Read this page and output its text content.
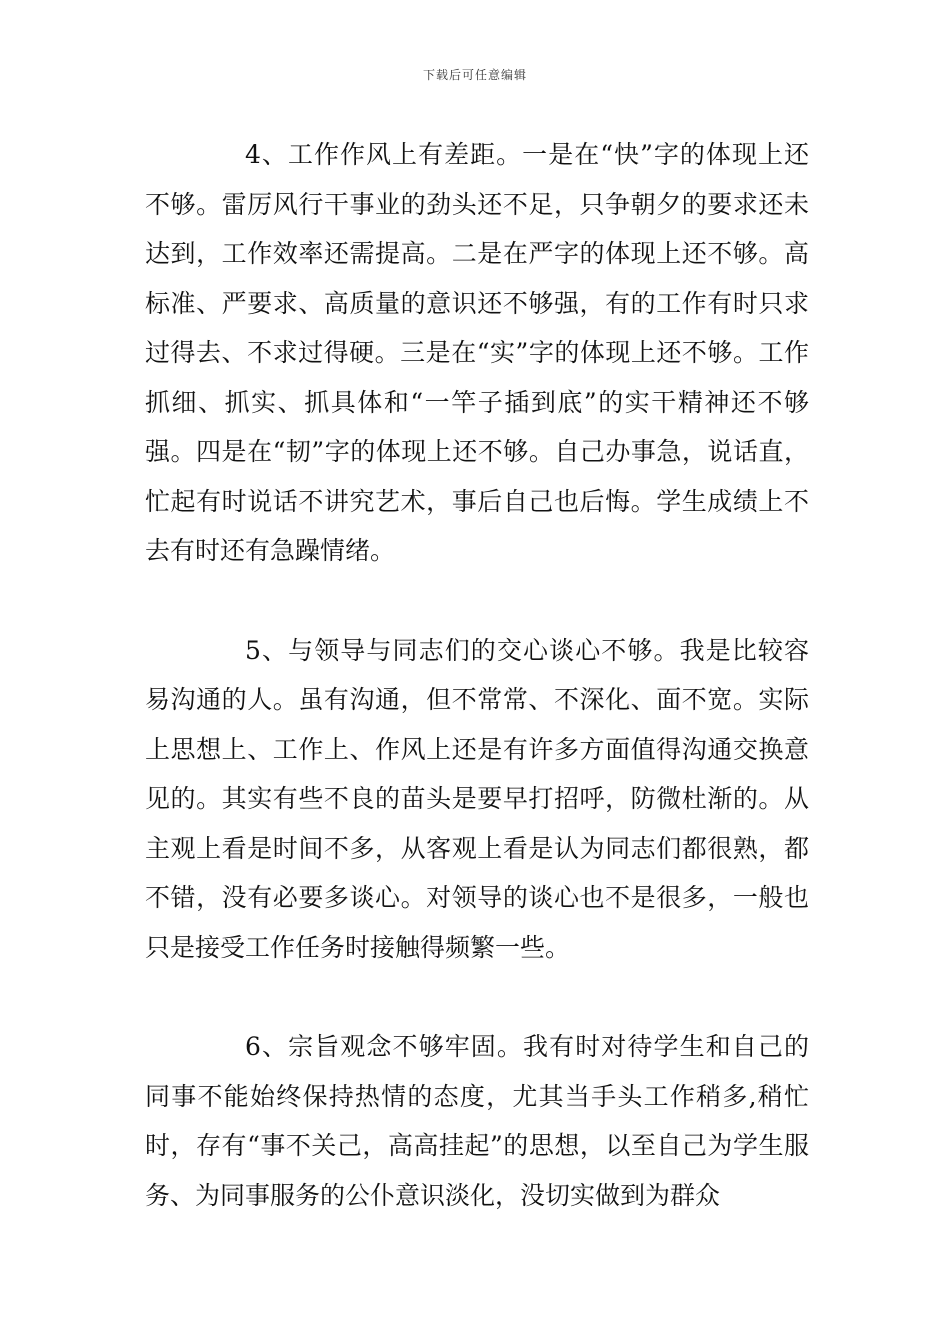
下载后可任意编辑

4、工作作风上有差距。一是在“快”字的体现上还不够。雷厉风行干事业的劲头还不足，只争朝夕的要求还未达到，工作效率还需提高。二是在严字的体现上还不够。高标准、严要求、高质量的意识还不够强，有的工作有时只求过得去、不求过得硬。三是在“实”字的体现上还不够。工作抓细、抓实、抓具体和“一竿子插到底”的实干精神还不够强。四是在“韧”字的体现上还不够。自己办事急，说话直，忙起有时说话不讲究艺术，事后自己也后悔。学生成绩上不去有时还有急躁情绪。

5、与领导与同志们的交心谈心不够。我是比较容易沟通的人。虽有沟通，但不常常、不深化、面不宽。实际上思想上、工作上、作风上还是有许多方面值得沟通交换意见的。其实有些不良的苗头是要早打招呼，防微杜渐的。从主观上看是时间不多，从客观上看是认为同志们都很熟，都不错，没有必要多谈心。对领导的谈心也不是很多，一般也只是接受工作任务时接触得频繁一些。

6、宗旨观念不够牢固。我有时对待学生和自己的同事不能始终保持热情的态度，尤其当手头工作稍多,稍忙时，存有“事不关己，高高挂起”的思想，以至自己为学生服务、为同事服务的公仆意识淡化，没切实做到为群众
